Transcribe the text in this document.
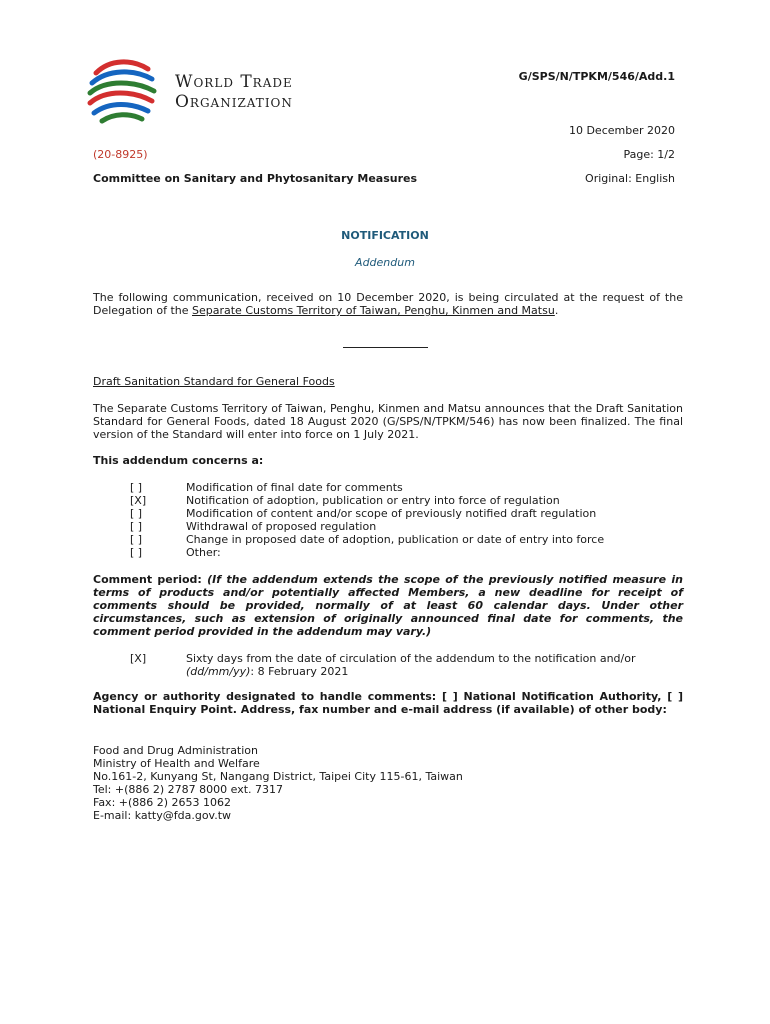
World Trade
Organization
G/SPS/N/TPKM/546/Add.1
10 December 2020
(20-8925)	Page: 1/2
Committee on Sanitary and Phytosanitary Measures	Original: English
NOTIFICATION
Addendum
The following communication, received on 10 December 2020, is being circulated at the request of the Delegation of the Separate Customs Territory of Taiwan, Penghu, Kinmen and Matsu.
Draft Sanitation Standard for General Foods
The Separate Customs Territory of Taiwan, Penghu, Kinmen and Matsu announces that the Draft Sanitation Standard for General Foods, dated 18 August 2020 (G/SPS/N/TPKM/546) has now been finalized. The final version of the Standard will enter into force on 1 July 2021.
This addendum concerns a:
[ ]	Modification of final date for comments
[X]	Notification of adoption, publication or entry into force of regulation
[ ]	Modification of content and/or scope of previously notified draft regulation
[ ]	Withdrawal of proposed regulation
[ ]	Change in proposed date of adoption, publication or date of entry into force
[ ]	Other:
Comment period: (If the addendum extends the scope of the previously notified measure in terms of products and/or potentially affected Members, a new deadline for receipt of comments should be provided, normally of at least 60 calendar days. Under other circumstances, such as extension of originally announced final date for comments, the comment period provided in the addendum may vary.)
[X]	Sixty days from the date of circulation of the addendum to the notification and/or
(dd/mm/yy): 8 February 2021
Agency or authority designated to handle comments: [ ] National Notification Authority, [ ] National Enquiry Point. Address, fax number and e-mail address (if available) of other body:
Food and Drug Administration
Ministry of Health and Welfare
No.161-2, Kunyang St, Nangang District, Taipei City 115-61, Taiwan
Tel: +(886 2) 2787 8000 ext. 7317
Fax: +(886 2) 2653 1062
E-mail: katty@fda.gov.tw
